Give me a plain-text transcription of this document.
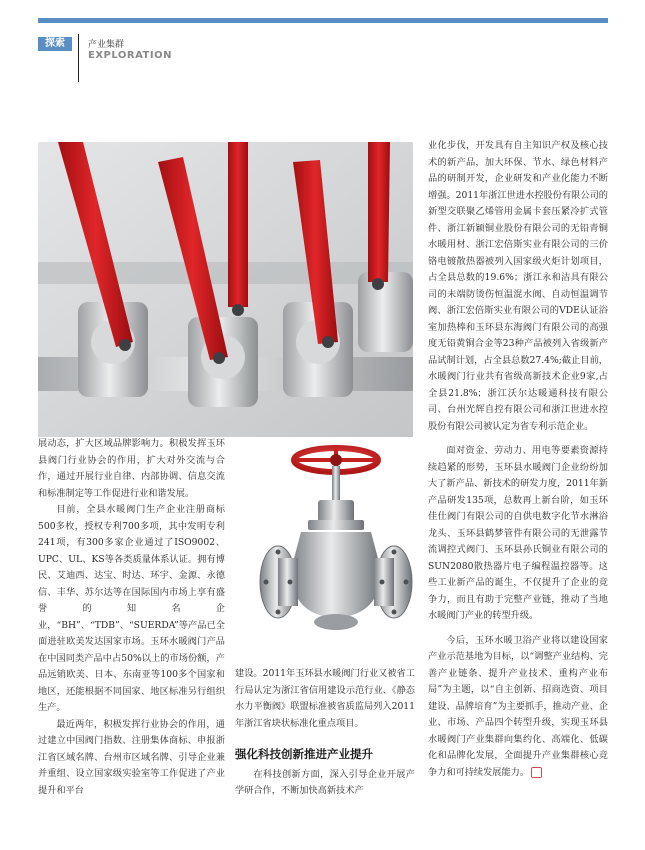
探索	产业集群
EXPLORATION

展动态，扩大区域品牌影响力。积极发挥玉环县阀门行业协会的作用，扩大对外交流与合作，通过开展行业自律、内部协调、信息交流和标准制定等工作促进行业和谐发展。

目前，全县水暖阀门生产企业注册商标500多枚，授权专利700多项，其中发明专利241项，有300多家企业通过了ISO9002、UPC、UL、KS等各类质量体系认证。拥有博民、艾迪西、达宝、时达、环宇、金源、永德信、丰华、苏尔达等在国际国内市场上享有盛誉的知名企业，“BH”、“TDB”、“SUERDA”等产品已全面进驻欧美发达国家市场。玉环水暖阀门产品在中国同类产品中占50%以上的市场份额，产品远销欧美、日本、东南亚等100多个国家和地区，还能根据不同国家、地区标准另行组织生产。

最近两年，积极发挥行业协会的作用，通过建立中国阀门指数、注册集体商标、申报浙江省区域名牌、台州市区域名牌、引导企业兼并重组、设立国家级实验室等工作促进了产业提升和平台

建设。2011年玉环县水暖阀门行业又被省工行局认定为浙江省信用建设示范行业、《静态水力平衡阀》联盟标准被省质监局列入2011年浙江省块状标准化重点项目。

强化科技创新推进产业提升

在科技创新方面，深入引导企业开展产学研合作，不断加快高新技术产

业化步伐，开发具有自主知识产权及核心技术的新产品，加大环保、节水、绿色材料产品的研制开发，企业研发和产业化能力不断增强。2011年浙江世进水控股份有限公司的新型交联聚乙烯管用金属卡套压紧冷扩式管件、浙江新颖铜业股份有限公司的无铅青铜水暖用材、浙江宏倍斯实业有限公司的三价铬电镀散热器被列入国家级火炬计划项目，占全县总数的19.6%；浙江永和洁具有限公司的未端防烫伤恒温混水阀、自动恒温调节阀、浙江宏倍斯实业有限公司的VDE认证浴室加热棒和玉环县东海阀门有限公司的高强度无铅黄铜合金等23种产品被列入省级新产品试制计划，占全县总数27.4%;截止目前，水暖阀门行业共有省级高新技术企业9家,占全县21.8%；浙江沃尔达暖通科技有限公司、台州光辉自控有限公司和浙江世进水控股份有限公司被认定为省专利示范企业。

面对资金、劳动力、用电等要素资源持续趋紧的形势，玉环县水暖阀门企业纷纷加大了新产品、新技术的研发力度，2011年新产品研发135项，总数再上新台阶，如玉环佳仕阀门有限公司的自供电数字化节水淋浴龙头、玉环县鹤梦管件有限公司的无泄露节流调控式阀门、玉环县孙氏铜业有限公司的SUN2080散热器片电子编程温控器等。这些工业新产品的诞生，不仅提升了企业的竞争力，而且有助于完整产业链，推动了当地水暖阀门产业的转型升级。

今后，玉环水暖卫浴产业将以建设国家产业示范基地为目标，以“调整产业结构、完善产业链条、提升产业技术、重构产业布局”为主题，以“自主创新、招商选资、项目建设、品牌培育”为主要抓手，推动产业、企业、市场、产品四个转型升级，实现玉环县水暖阀门产业集群向集约化、高端化、低碳化和品牌化发展，全面提升产业集群核心竞争力和可持续发展能力。
